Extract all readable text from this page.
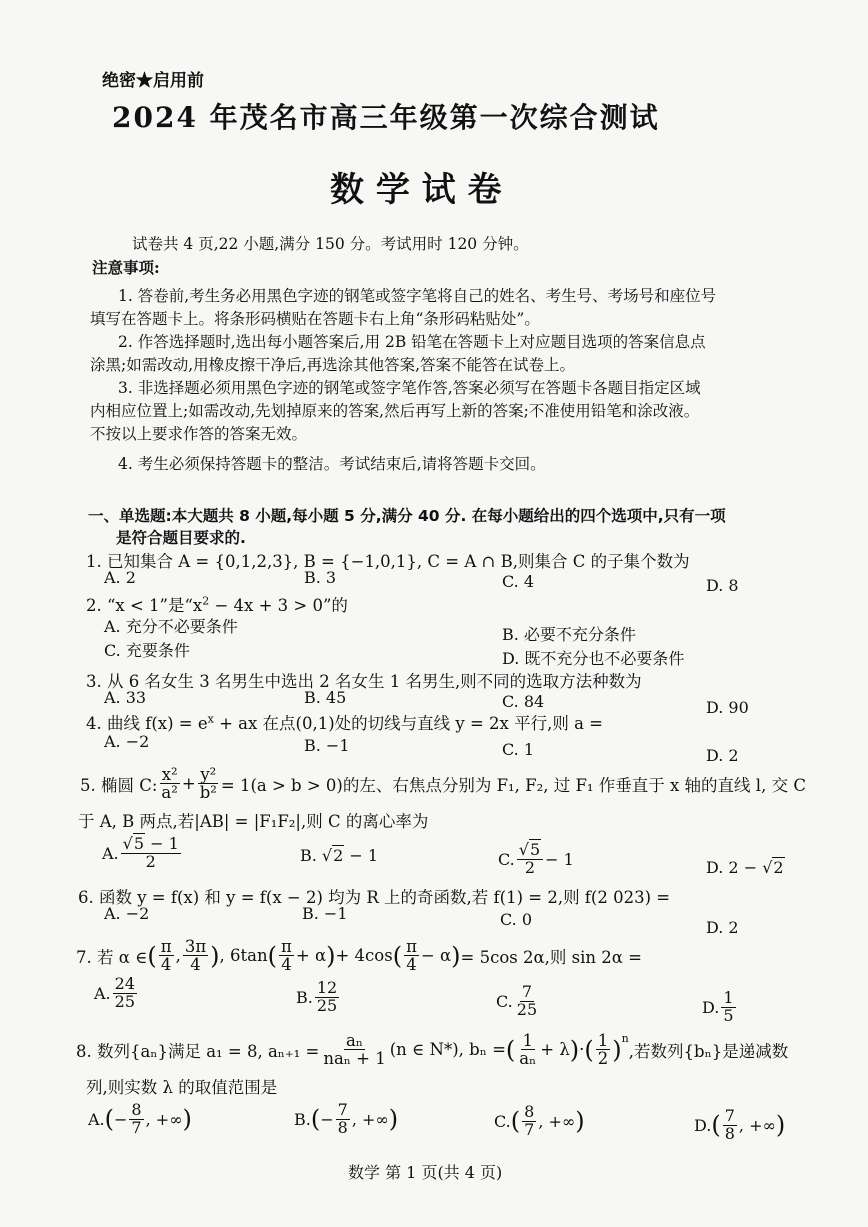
绝密★启用前
2024 年茂名市高三年级第一次综合测试
数 学 试 卷
试卷共 4 页,22 小题,满分 150 分。考试用时 120 分钟。
注意事项:
1. 答卷前,考生务必用黑色字迹的钢笔或签字笔将自己的姓名、考生号、考场号和座位号
填写在答题卡上。将条形码横贴在答题卡右上角“条形码粘贴处”。
2. 作答选择题时,选出每小题答案后,用 2B 铅笔在答题卡上对应题目选项的答案信息点
涂黑;如需改动,用橡皮擦干净后,再选涂其他答案,答案不能答在试卷上。
3. 非选择题必须用黑色字迹的钢笔或签字笔作答,答案必须写在答题卡各题目指定区域
内相应位置上;如需改动,先划掉原来的答案,然后再写上新的答案;不准使用铅笔和涂改液。
不按以上要求作答的答案无效。
4. 考生必须保持答题卡的整洁。考试结束后,请将答题卡交回。
一、单选题:本大题共 8 小题,每小题 5 分,满分 40 分. 在每小题给出的四个选项中,只有一项
是符合题目要求的.
1. 已知集合 A = {0,1,2,3}, B = {−1,0,1}, C = A ∩ B,则集合 C 的子集个数为
A. 2	B. 3	C. 4	D. 8
2. “x < 1”是“$x^2 - 4x + 3 > 0$”的
A. 充分不必要条件	B. 必要不充分条件
C. 充要条件	D. 既不充分也不必要条件
3. 从 6 名女生 3 名男生中选出 2 名女生 1 名男生,则不同的选取方法种数为
A. 33	B. 45	C. 84	D. 90
4. 曲线 $f(x) = e^x$ + ax 在点(0,1)处的切线与直线 y = 2x 平行,则 a =
A. −2	B. −1	C. 1	D. 2
5. 椭圆 C: $\frac{\text{x²}}{\text{a²}} + \frac{\text{y²}}{\text{b²}} = 1(a > b > 0)$的左、右焦点分别为 F₁, F₂, 过 F₁ 作垂直于 x 轴的直线 l, 交 C
于 A, B 两点,若|AB| = |F₁F₂|,则 C 的离心率为
A. $\frac{√5 - 1}{2}$	B. √2 − 1	C. $\frac{√5}{2} - 1$	D. 2 − √2
6. 函数 y = f(x) 和 y = f(x − 2) 均为 R 上的奇函数,若 f(1) = 2,则 f(2 023) =
A. −2	B. −1	C. 0	D. 2
7. 若 α ∈ ( $\frac{\pi}{4}$ , $\frac{3\pi}{4}$ ) , 6tan ( $\frac{\pi}{4} + \alpha$ ) + 4cos ( $\frac{\pi}{4} - \alpha$ ) = 5cos 2α,则 sin 2α =
A. $\frac{24}{25}$	B. $\frac{12}{25}$	C. $\frac{7}{25}$	D. $\frac{1}{5}$
8. 数列{aₙ}满足 a₁ = 8, $a_{n+1} = \frac{\text{aₙ}}{\text{naₙ + 1}} (n$ ∈ N*), bₙ = ( $\frac{1}{\text{aₙ}} + \lambda$ ) · ( $\frac{1}{2} )^n$
,若数列{bₙ}是递减数
列,则实数 λ 的取值范围是
A. ( − $\frac{8}{7}$ , +∞ )	B. ( − $\frac{7}{8}$ , +∞ )	C. ( $\frac{8}{7}$ , +∞ )	D. ( $\frac{7}{8}$ , +∞ )
数学 第 1 页(共 4 页)
